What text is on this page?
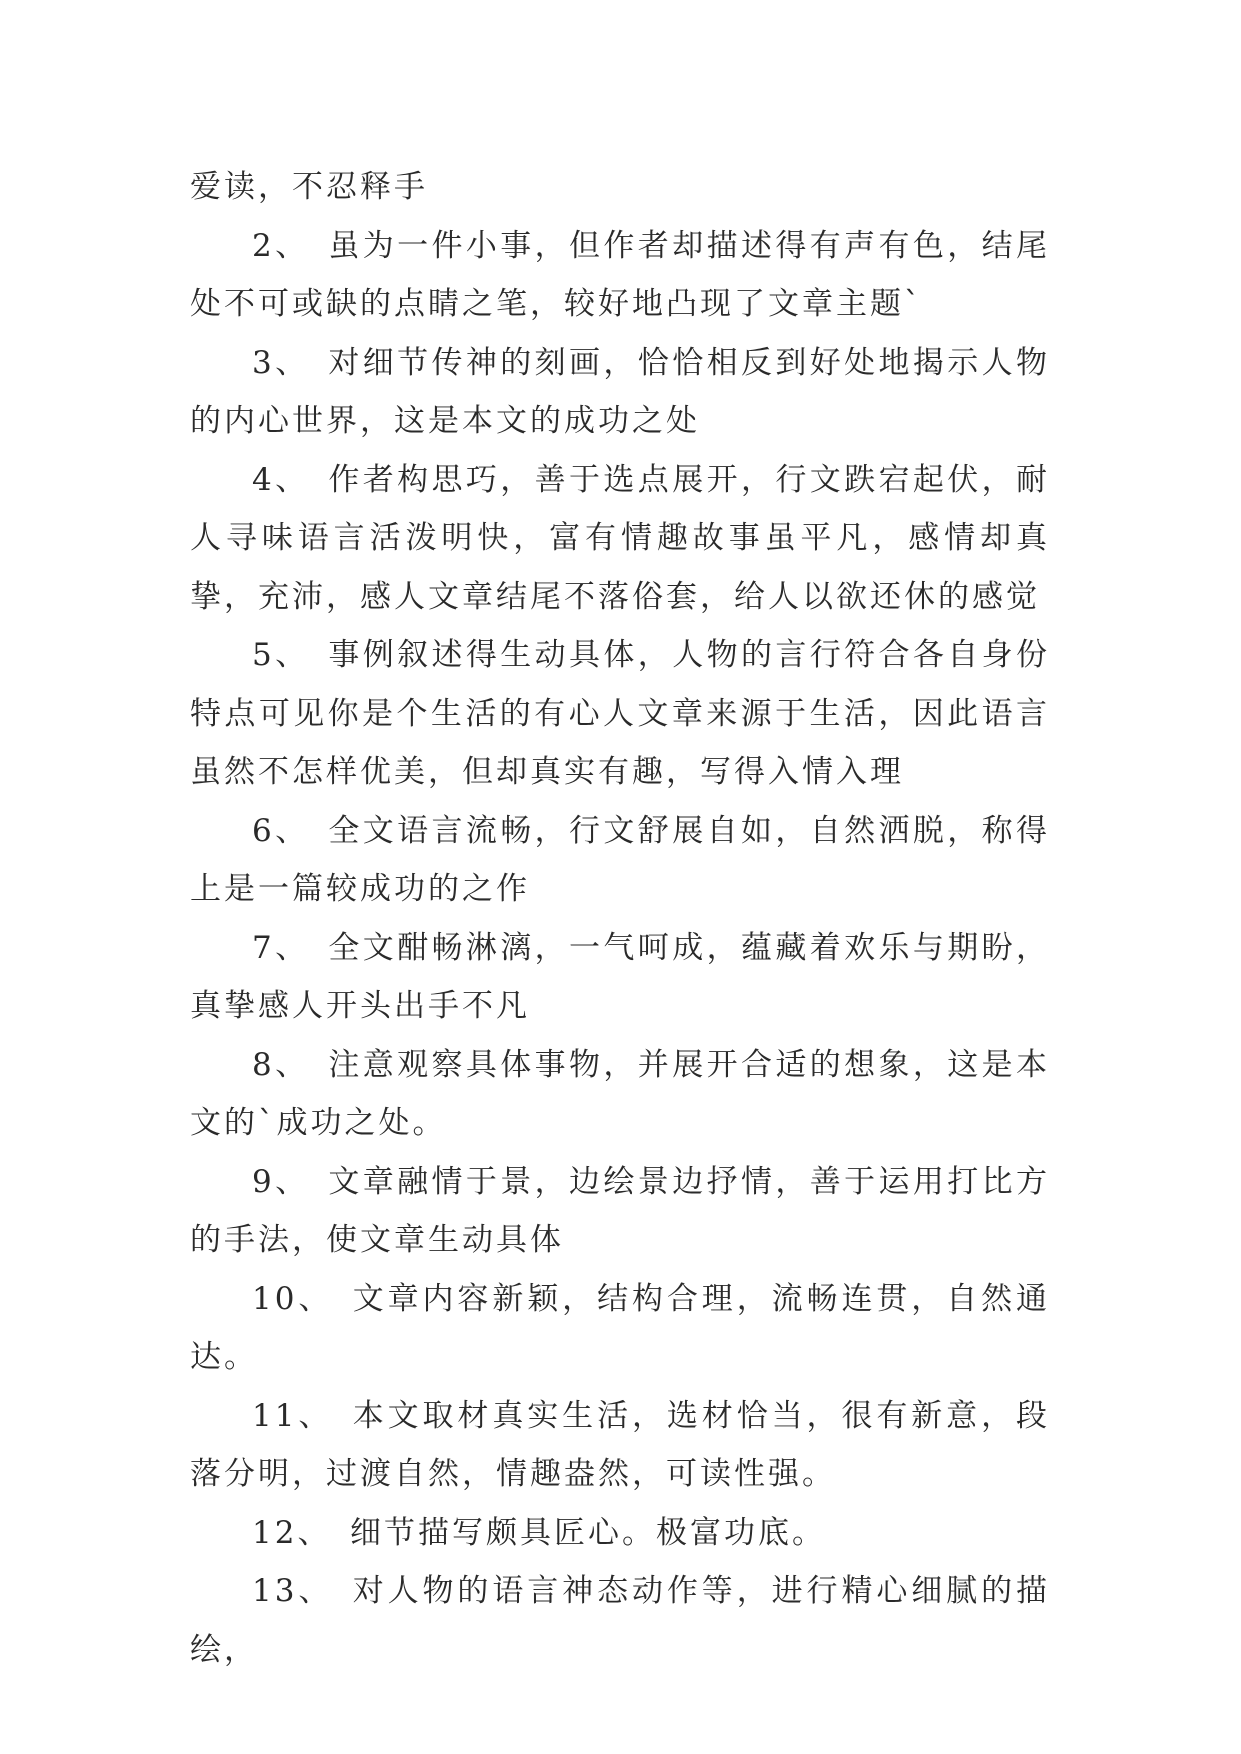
爱读，不忍释手

2、  虽为一件小事，但作者却描述得有声有色，结尾处不可或缺的点睛之笔，较好地凸现了文章主题`

3、  对细节传神的刻画，恰恰相反到好处地揭示人物的内心世界，这是本文的成功之处

4、  作者构思巧，善于选点展开，行文跌宕起伏，耐人寻味语言活泼明快，富有情趣故事虽平凡，感情却真挚，充沛，感人文章结尾不落俗套，给人以欲还休的感觉

5、  事例叙述得生动具体，人物的言行符合各自身份特点可见你是个生活的有心人文章来源于生活，因此语言虽然不怎样优美，但却真实有趣，写得入情入理

6、  全文语言流畅，行文舒展自如，自然洒脱，称得上是一篇较成功的之作

7、  全文酣畅淋漓，一气呵成，蕴藏着欢乐与期盼，真挚感人开头出手不凡

8、  注意观察具体事物，并展开合适的想象，这是本文的`成功之处。

9、  文章融情于景，边绘景边抒情，善于运用打比方的手法，使文章生动具体

10、  文章内容新颖，结构合理，流畅连贯，自然通达。

11、  本文取材真实生活，选材恰当，很有新意，段落分明，过渡自然，情趣盎然，可读性强。

12、  细节描写颇具匠心。极富功底。

13、  对人物的语言神态动作等，进行精心细腻的描绘，
